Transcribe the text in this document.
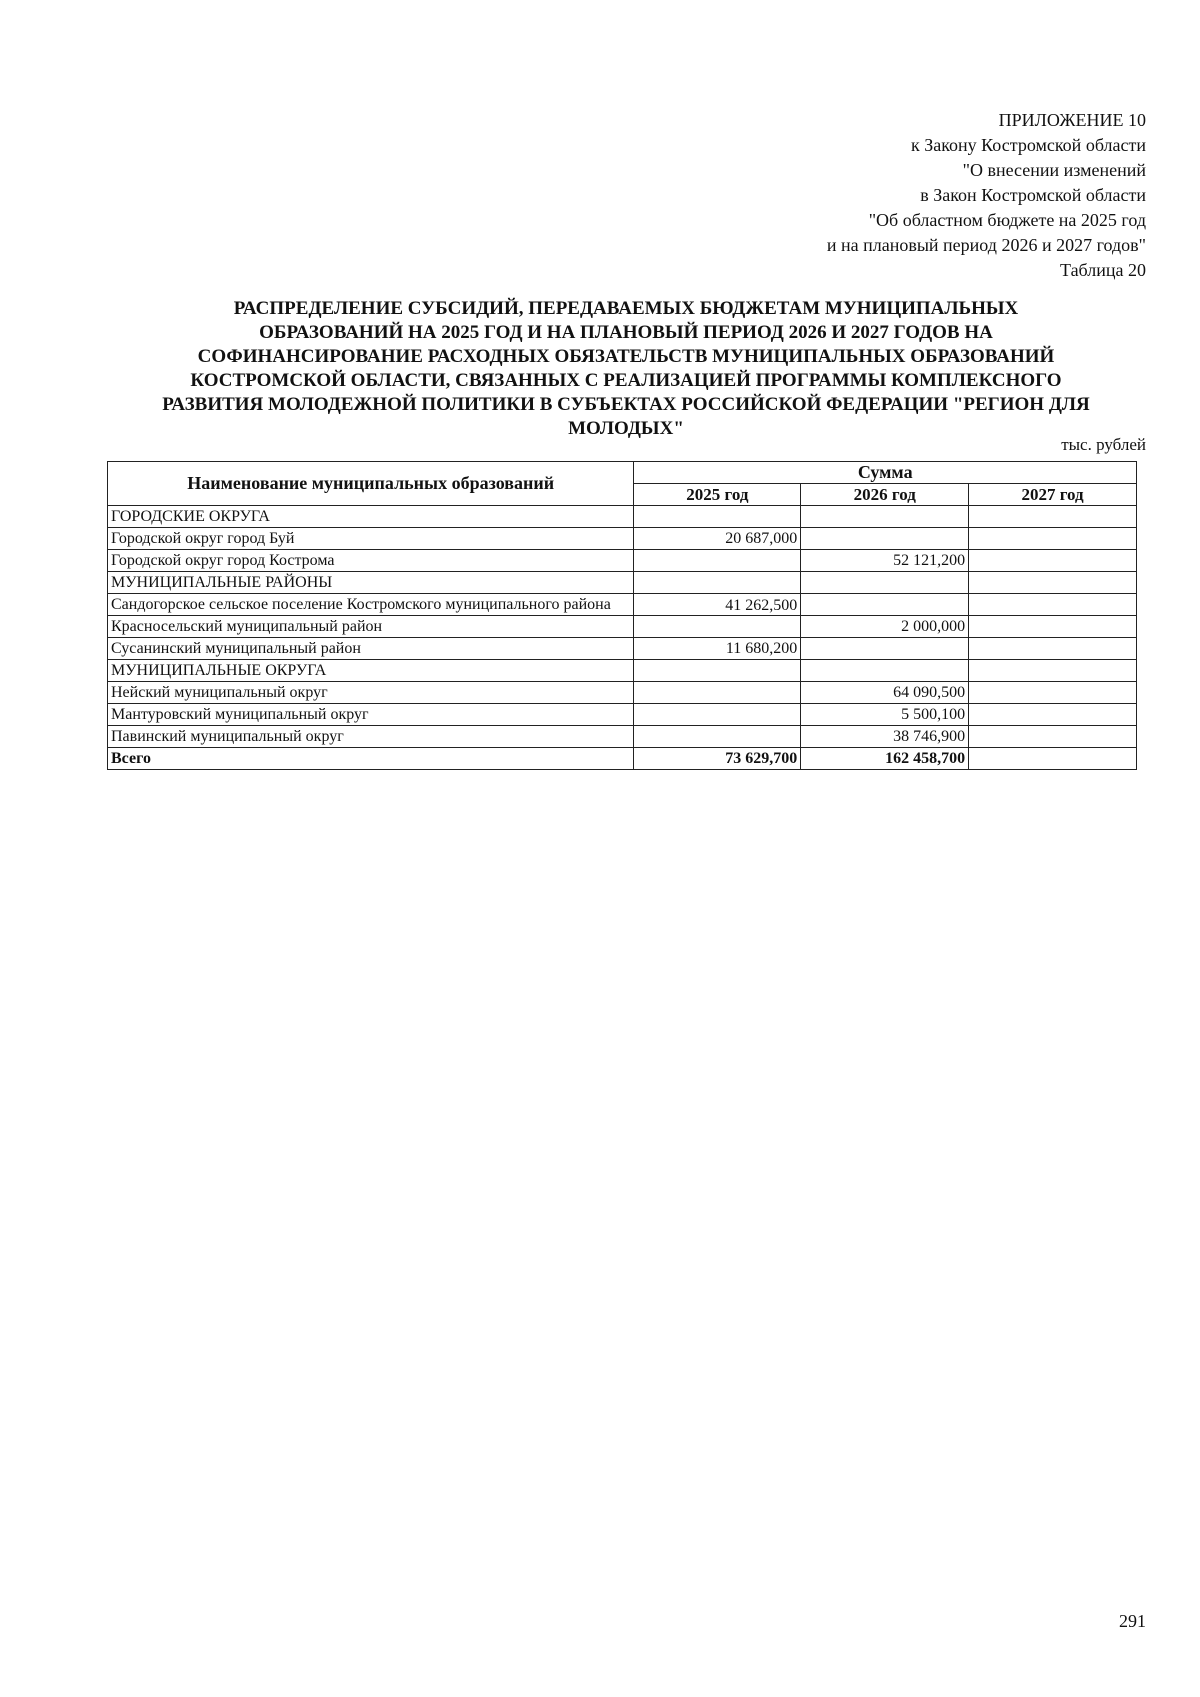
ПРИЛОЖЕНИЕ 10
к Закону Костромской области
"О внесении изменений
в Закон Костромской области
"Об областном бюджете на 2025 год
и на плановый период 2026 и 2027 годов"
Таблица 20
РАСПРЕДЕЛЕНИЕ СУБСИДИЙ, ПЕРЕДАВАЕМЫХ БЮДЖЕТАМ МУНИЦИПАЛЬНЫХ
ОБРАЗОВАНИЙ НА 2025 ГОД И НА ПЛАНОВЫЙ ПЕРИОД 2026 И 2027 ГОДОВ НА
СОФИНАНСИРОВАНИЕ РАСХОДНЫХ ОБЯЗАТЕЛЬСТВ МУНИЦИПАЛЬНЫХ ОБРАЗОВАНИЙ
КОСТРОМСКОЙ ОБЛАСТИ, СВЯЗАННЫХ С РЕАЛИЗАЦИЕЙ ПРОГРАММЫ КОМПЛЕКСНОГО
РАЗВИТИЯ МОЛОДЕЖНОЙ ПОЛИТИКИ В СУБЪЕКТАХ РОССИЙСКОЙ ФЕДЕРАЦИИ "РЕГИОН ДЛЯ
МОЛОДЫХ"
тыс. рублей
Наименование муниципальных образований	Сумма		
	2025 год	2026 год	2027 год
ГОРОДСКИЕ ОКРУГА			
Городской округ город Буй	20 687,000		
Городской округ город Кострома		52 121,200	
МУНИЦИПАЛЬНЫЕ РАЙОНЫ			
Сандогорское сельское поселение Костромского муниципального района	41 262,500		
Красносельский муниципальный район		2 000,000	
Сусанинский муниципальный район	11 680,200		
МУНИЦИПАЛЬНЫЕ ОКРУГА			
Нейский муниципальный округ		64 090,500	
Мантуровский муниципальный округ		5 500,100	
Павинский муниципальный округ		38 746,900	
Всего	73 629,700	162 458,700	
291
